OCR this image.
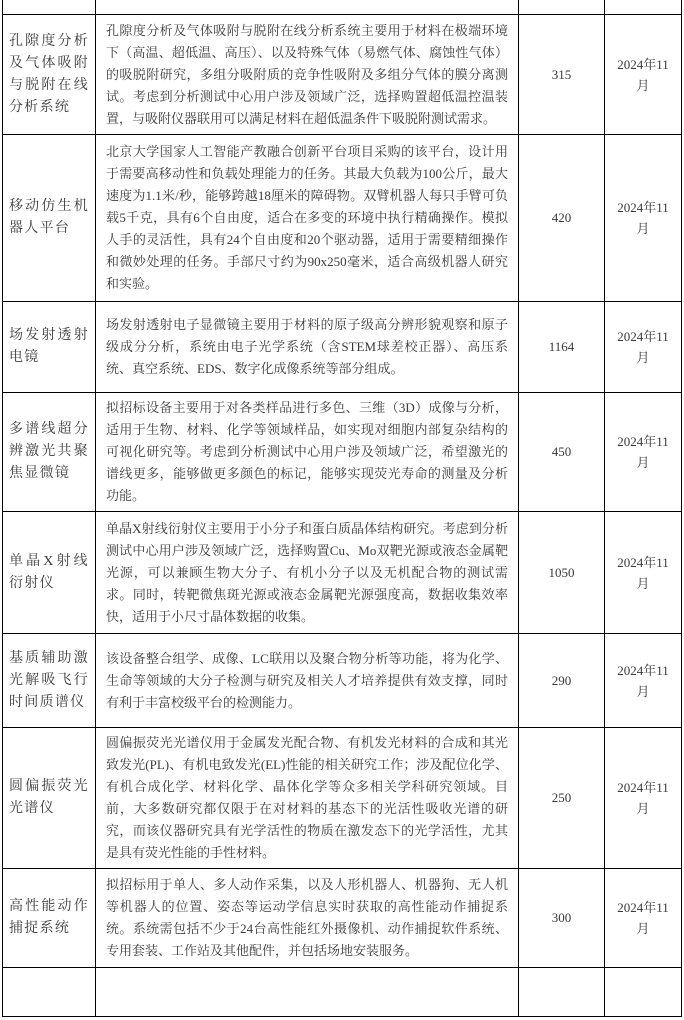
孔隙度分析及气体吸附与脱附在线分析系统	孔隙度分析及气体吸附与脱附在线分析系统主要用于材料在极端环境下（高温、超低温、高压）、以及特殊气体（易燃气体、腐蚀性气体）的吸脱附研究，多组分吸附质的竞争性吸附及多组分气体的膜分离测试。考虑到分析测试中心用户涉及领域广泛，选择购置超低温控温装置，与吸附仪器联用可以满足材料在超低温条件下吸脱附测试需求。	315	2024年11月
移动仿生机器人平台	北京大学国家人工智能产教融合创新平台项目采购的该平台，设计用于需要高移动性和负载处理能力的任务。其最大负载为100公斤，最大速度为1.1米/秒，能够跨越18厘米的障碍物。双臂机器人每只手臂可负载5千克，具有6个自由度，适合在多变的环境中执行精确操作。模拟人手的灵活性，具有24个自由度和20个驱动器，适用于需要精细操作和微妙处理的任务。手部尺寸约为90x250毫米，适合高级机器人研究和实验。	420	2024年11月
场发射透射电镜	场发射透射电子显微镜主要用于材料的原子级高分辨形貌观察和原子级成分分析，系统由电子光学系统（含STEM球差校正器）、高压系统、真空系统、EDS、数字化成像系统等部分组成。	1164	2024年11月
多谱线超分辨激光共聚焦显微镜	拟招标设备主要用于对各类样品进行多色、三维（3D）成像与分析，适用于生物、材料、化学等领域样品，如实现对细胞内部复杂结构的可视化研究等。考虑到分析测试中心用户涉及领域广泛，希望激光的谱线更多，能够做更多颜色的标记，能够实现荧光寿命的测量及分析功能。	450	2024年11月
单晶X射线衍射仪	单晶X射线衍射仪主要用于小分子和蛋白质晶体结构研究。考虑到分析测试中心用户涉及领域广泛，选择购置Cu、Mo双靶光源或液态金属靶光源，可以兼顾生物大分子、有机小分子以及无机配合物的测试需求。同时，转靶微焦斑光源或液态金属靶光源强度高，数据收集效率快，适用于小尺寸晶体数据的收集。	1050	2024年11月
基质辅助激光解吸飞行时间质谱仪	该设备整合组学、成像、LC联用以及聚合物分析等功能，将为化学、生命等领域的大分子检测与研究及相关人才培养提供有效支撑，同时有利于丰富校级平台的检测能力。	290	2024年11月
圆偏振荧光光谱仪	圆偏振荧光光谱仪用于金属发光配合物、有机发光材料的合成和其光致发光(PL)、有机电致发光(EL)性能的相关研究工作；涉及配位化学、有机合成化学、材料化学、晶体化学等众多相关学科研究领域。目前，大多数研究都仅限于在对材料的基态下的光活性吸收光谱的研究，而该仪器研究具有光学活性的物质在激发态下的光学活性，尤其是具有荧光性能的手性材料。	250	2024年11月
高性能动作捕捉系统	拟招标用于单人、多人动作采集，以及人形机器人、机器狗、无人机等机器人的位置、姿态等运动学信息实时获取的高性能动作捕捉系统。系统需包括不少于24台高性能红外摄像机、动作捕捉软件系统、专用套装、工作站及其他配件，并包括场地安装服务。	300	2024年11月
